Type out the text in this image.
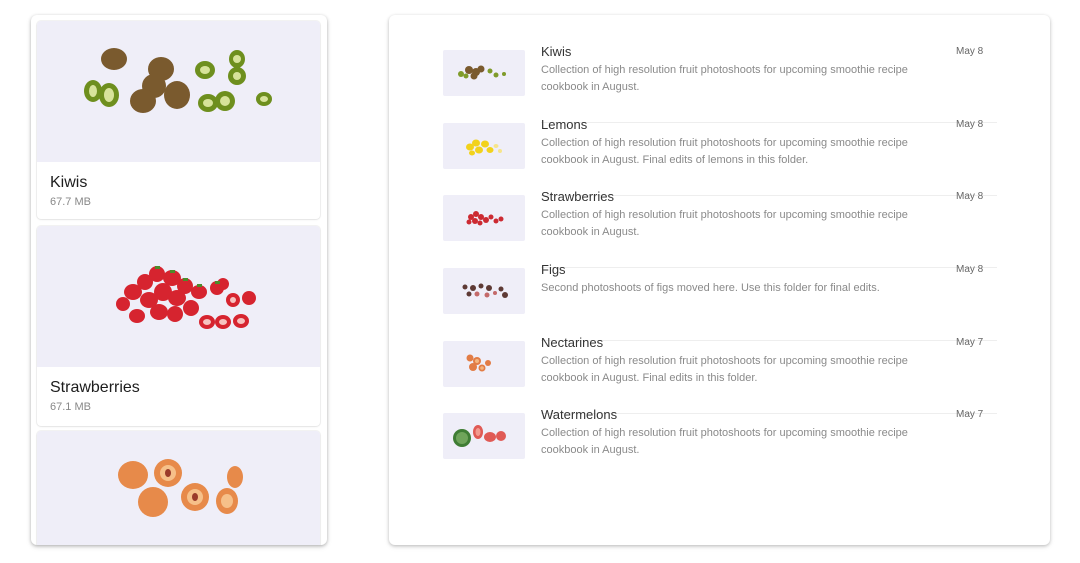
Kiwis
67.7 MB
Strawberries
67.1 MB
Kiwis
Collection of high resolution fruit photoshoots for upcoming smoothie recipe cookbook in August.
May 8
Lemons
Collection of high resolution fruit photoshoots for upcoming smoothie recipe cookbook in August. Final edits of lemons in this folder.
May 8
Strawberries
Collection of high resolution fruit photoshoots for upcoming smoothie recipe cookbook in August.
May 8
Figs
Second photoshoots of figs moved here. Use this folder for final edits.
May 8
Nectarines
Collection of high resolution fruit photoshoots for upcoming smoothie recipe cookbook in August. Final edits in this folder.
May 7
Watermelons
Collection of high resolution fruit photoshoots for upcoming smoothie recipe cookbook in August.
May 7
